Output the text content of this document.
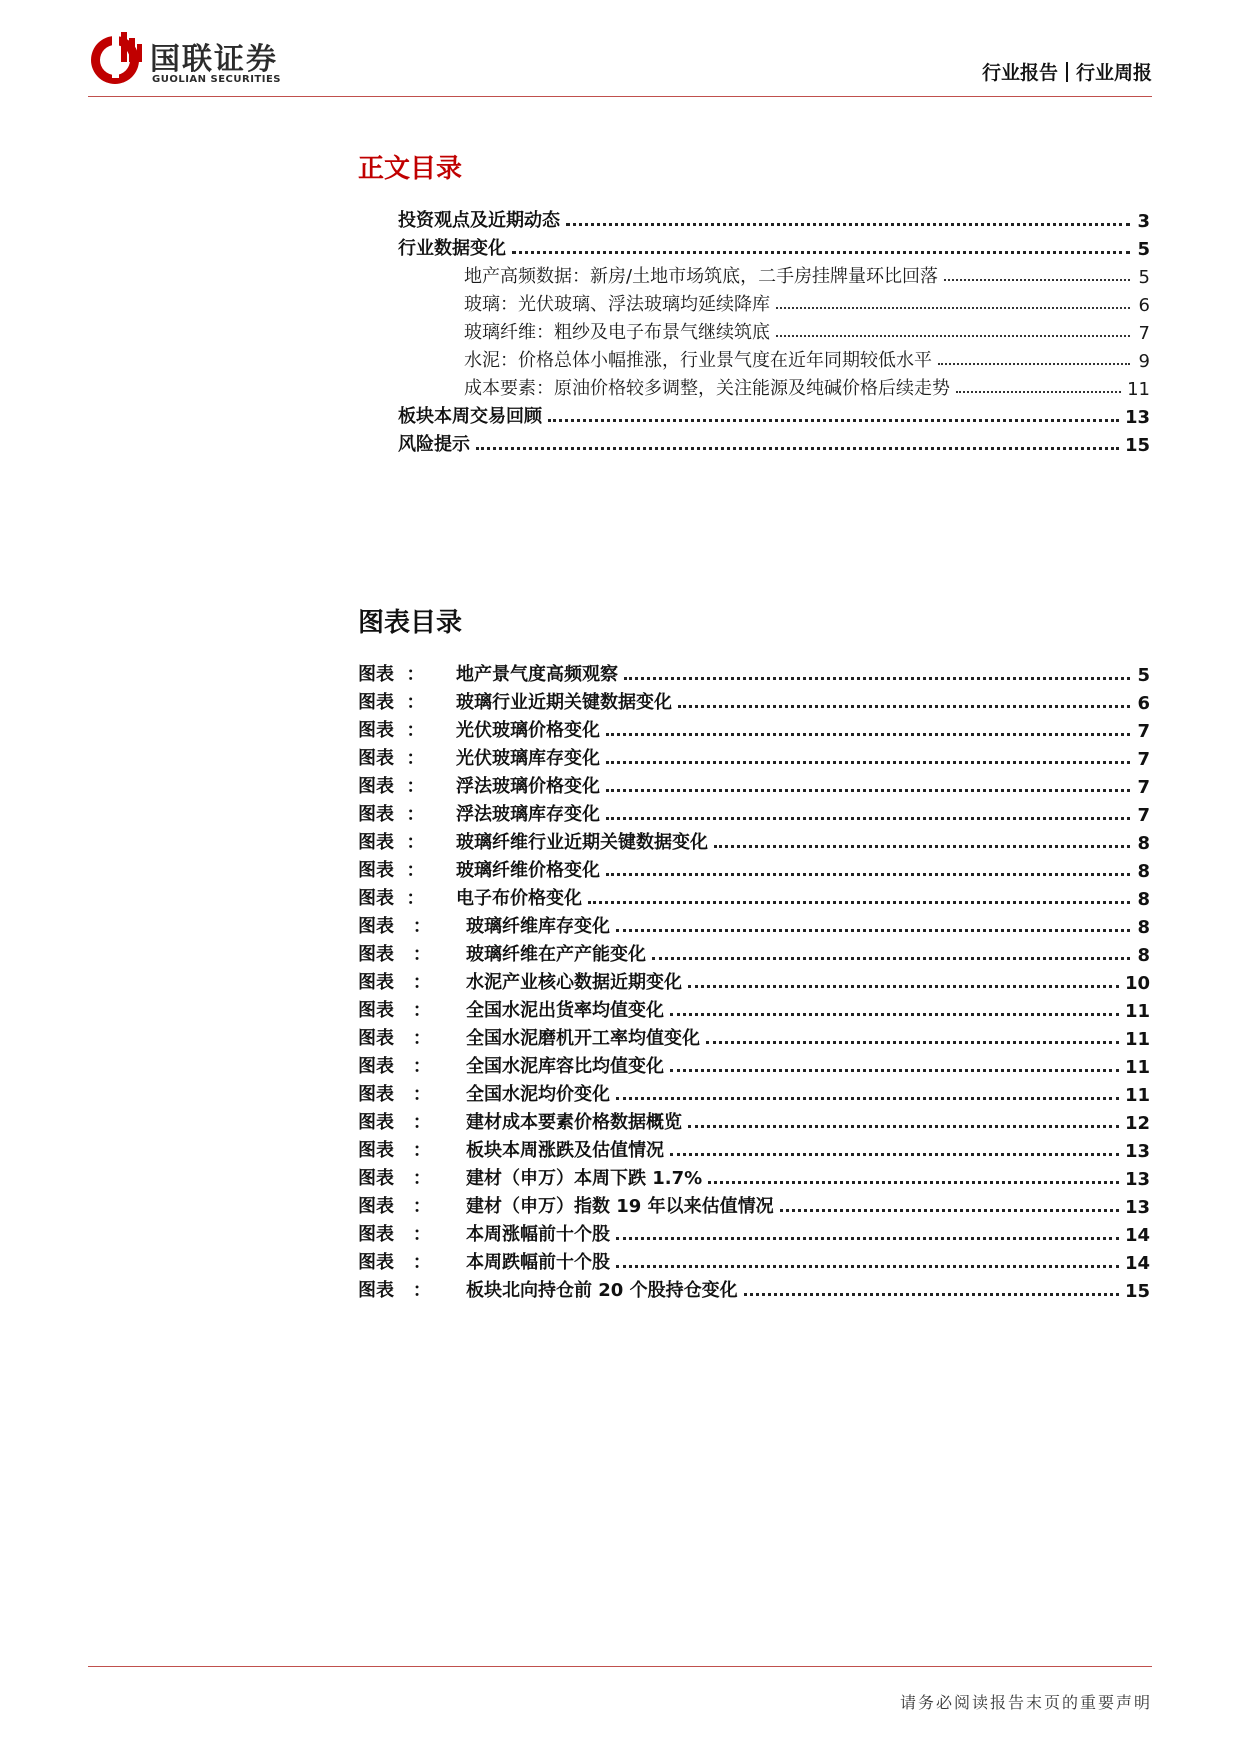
国联证券
GUOLIAN SECURITIES	行业报告 行业周报
正文目录
投资观点及近期动态	3
行业数据变化	5
地产高频数据：新房/土地市场筑底，二手房挂牌量环比回落	5
玻璃：光伏玻璃、浮法玻璃均延续降库	6
玻璃纤维：粗纱及电子布景气继续筑底	7
水泥：价格总体小幅推涨，行业景气度在近年同期较低水平	9
成本要素：原油价格较多调整，关注能源及纯碱价格后续走势	11
板块本周交易回顾	13
风险提示	15
图表目录
图表 ：	地产景气度高频观察	5
图表 ：	玻璃行业近期关键数据变化	6
图表 ：	光伏玻璃价格变化	7
图表 ：	光伏玻璃库存变化	7
图表 ：	浮法玻璃价格变化	7
图表 ：	浮法玻璃库存变化	7
图表 ：	玻璃纤维行业近期关键数据变化	8
图表 ：	玻璃纤维价格变化	8
图表 ：	电子布价格变化	8
图表 ：	玻璃纤维库存变化	8
图表 ：	玻璃纤维在产产能变化	8
图表 ：	水泥产业核心数据近期变化	10
图表 ：	全国水泥出货率均值变化	11
图表 ：	全国水泥磨机开工率均值变化	11
图表 ：	全国水泥库容比均值变化	11
图表 ：	全国水泥均价变化	11
图表 ：	建材成本要素价格数据概览	12
图表 ：	板块本周涨跌及估值情况	13
图表 ：	建材（申万）本周下跌 1.7%	13
图表 ：	建材（申万）指数 19 年以来估值情况	13
图表 ：	本周涨幅前十个股	14
图表 ：	本周跌幅前十个股	14
图表 ：	板块北向持仓前 20 个股持仓变化	15
请务必阅读报告末页的重要声明
